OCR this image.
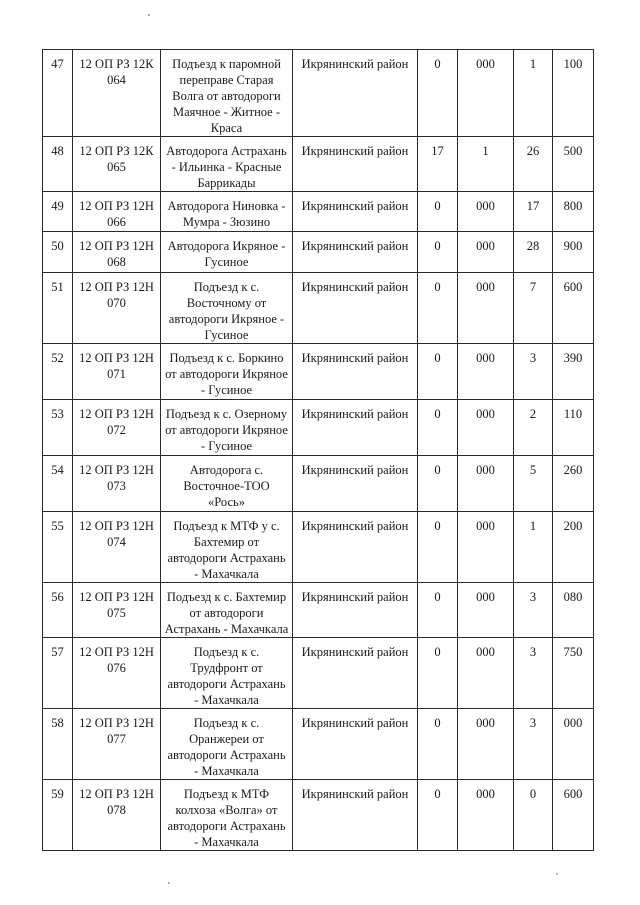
47	12 ОП РЗ 12К 064	Подъезд к паромной переправе Старая Волга от автодороги Маячное - Житное - Краса	Икрянинский район	0	000	1	100
48	12 ОП РЗ 12К 065	Автодорога Астрахань - Ильинка - Красные Баррикады	Икрянинский район	17	1	26	500
49	12 ОП РЗ 12Н 066	Автодорога Ниновка - Мумра - Зюзино	Икрянинский район	0	000	17	800
50	12 ОП РЗ 12Н 068	Автодорога Икряное - Гусиное	Икрянинский район	0	000	28	900
51	12 ОП РЗ 12Н 070	Подъезд к с. Восточному от автодороги Икряное - Гусиное	Икрянинский район	0	000	7	600
52	12 ОП РЗ 12Н 071	Подъезд к с. Боркино от автодороги Икряное - Гусиное	Икрянинский район	0	000	3	390
53	12 ОП РЗ 12Н 072	Подъезд к с. Озерному от автодороги Икряное - Гусиное	Икрянинский район	0	000	2	110
54	12 ОП РЗ 12Н 073	Автодорога с. Восточное-ТОО «Рось»	Икрянинский район	0	000	5	260
55	12 ОП РЗ 12Н 074	Подъезд к МТФ у с. Бахтемир от автодороги Астрахань - Махачкала	Икрянинский район	0	000	1	200
56	12 ОП РЗ 12Н 075	Подъезд к с. Бахтемир от автодороги Астрахань - Махачкала	Икрянинский район	0	000	3	080
57	12 ОП РЗ 12Н 076	Подъезд к с. Трудфронт от автодороги Астрахань - Махачкала	Икрянинский район	0	000	3	750
58	12 ОП РЗ 12Н 077	Подъезд к с. Оранжереи от автодороги Астрахань - Махачкала	Икрянинский район	0	000	3	000
59	12 ОП РЗ 12Н 078	Подъезд к МТФ колхоза «Волга» от автодороги Астрахань - Махачкала	Икрянинский район	0	000	0	600
